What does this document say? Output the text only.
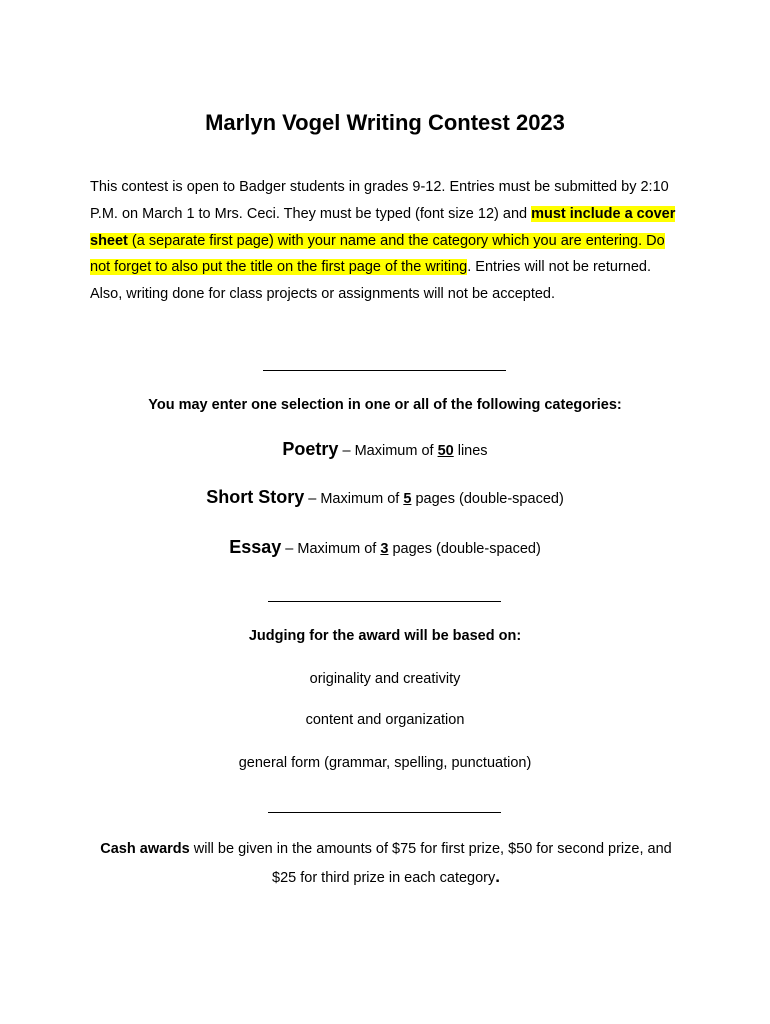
Marlyn Vogel Writing Contest 2023
This contest is open to Badger students in grades 9-12. Entries must be submitted by 2:10 P.M. on March 1 to Mrs. Ceci. They must be typed (font size 12) and must include a cover sheet (a separate first page) with your name and the category which you are entering. Do not forget to also put the title on the first page of the writing. Entries will not be returned. Also, writing done for class projects or assignments will not be accepted.
You may enter one selection in one or all of the following categories:
Poetry – Maximum of 50 lines
Short Story – Maximum of 5 pages (double-spaced)
Essay – Maximum of 3 pages (double-spaced)
Judging for the award will be based on:
originality and creativity
content and organization
general form (grammar, spelling, punctuation)
Cash awards will be given in the amounts of $75 for first prize, $50 for second prize, and $25 for third prize in each category.
